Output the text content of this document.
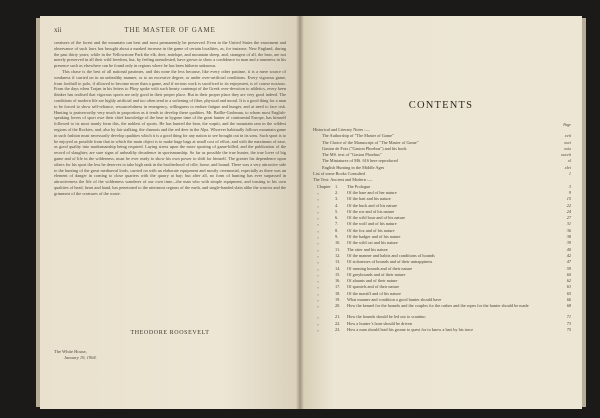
xii	THE MASTER OF GAME

creatures of the forest and the mountain can best and most permanently be preserved. Even in the United States the enactment and observance of such laws has brought about a marked increase in the game of certain localities, as, for instance, New England, during the past thirty years; while in the Yellowstone Park the elk, deer, antelope, and mountain sheep, and, strangest of all, the bear, are not merely preserved in all their wild freedom, but, by feeling unmolested, have grown to show a confidence in man and a tameness in his presence such as elsewhere can be found only in regions where he has been hitherto unknown.

This chase is the best of all national pastimes, and this none the less because, like every other pastime, it is a mere source of weakness if carried on in an unhealthy manner, or to an excessive degree, or under over-artificial conditions. Every vigorous game, from football to polo, if allowed to become more than a game, and if serious work is sacrificed to its enjoyment, is of course noxious. From the days when Trajan in his letters to Pliny spoke with such hearty contempt of the Greek over-devotion to athletics, every keen thinker has realised that vigorous sports are only good in their proper place. But in their proper place they are very good indeed. The conditions of modern life are highly artificial and too often tend to a softening of fibre, physical and moral. It is a good thing for a man to be forced to show self-reliance, resourcefulness in emergency, willingness to endure fatigue and hunger, and at need to face risk. Hunting is praiseworthy very much in proportion as it tends to develop these qualities. Mr. Baillie-Grohman, to whom most English-speaking lovers of sport owe their chief knowledge of the bear in bygone time of the great hunter of continental Europe, has himself followed to its most manly form this, the noblest of sports. He has hunted the bear, the wapiti, and the mountain ram in the wildest regions of the Rockies, and, also by fair stalking, the chamois and the red deer in the Alps. Whoever habitually follows mountain game in such fashion must necessarily develop qualities which it is a good thing for any nation to see brought out in its sons. Such sport is to be enjoyed as possible from that in which the main object is to make huge bags at small cost of effort, and with the maximum of ease, as good quality into marksmanship being required. Laying stress upon the more sporting of game-killed, and the publication of the record of slaughter, are sure signs of unhealthy decadence in sportsmanship. So far as possible the true hunter, the true lover of big game and of life in the wilderness, must be ever ready to show his own power to shift for himself. The greater his dependence upon others for his sport the less he deserves to take high rank in the brotherhood of rifle, horse, and hound. There was a very attractive side to the hunting of the great mediaeval lords, carried on with an elaborate equipment and mostly ceremonial, especially as there was an element of danger in coming to close quarters with the quarry at bay; but after all, no form of hunting has ever surpassed in attractiveness the life of the wilderness wanderer of our own time—the man who with simple equipment, and trusting to his own qualities of head, heart and hand, has penetrated to the uttermost regions of the earth, and single-handed slain alike the warrior and the grimmest of the creatures of the waste.

THEODORE ROOSEVELT
The White House,
January 19, 1904.
CONTENTS
Page
Historical and Literary Notes :—
The Authorship of "The Master of Game"	xvii
The Choice of the Manuscript of "The Master of Game"	xxvi
Gaston de Foix ("Gaston Phoebus") and his book	xxix
The MS. text of "Gaston Phoebus"	xxxvii
The Miniatures of MS. 616 here reproduced	xl
English Hunting in the Middle Ages	xlvi
List of some Books Consulted	1
The Text: Ancient and Modern :—
Chapter 1. The Prologue	3
„	2. Of the hare and of her nature	9
„	3. Of the hart and his nature	15
„	4. Of the buck and of his nature	22
„	5. Of the roe and of his nature	24
„	6. Of the wild boar and of his nature	27
„	7. Of the wolf and of his nature	31
„	8. Of the fox and of his nature	36
„	9. Of the badger and of his nature	38
„	10. Of the wild cat and his nature	39
„	11. The otter and his nature	40
„	12. Of the manner and habits and conditions of hounds	42
„	13. Of sicknesses of hounds and of their untrappiness	47
„	14. Of running hounds and of their nature	59
„	15. Of greyhounds and of their nature	60
„	16. Of alaunts and of their nature	62
„	17. Of spaniels and of their nature	63
„	18. Of the mastiff and of his nature	65
„	19. What manner and condition a good hunter should have	66
„	20. How the kennel for the hounds and the couples for the rashes and the ropes for the hunter should be made	68
„	21. How the hounds should be led out to scantino	71
„	22. How a hunter’s horn should be driven	73
„	23. How a man should lead his grome to quest for to know a hart by his trace	75
